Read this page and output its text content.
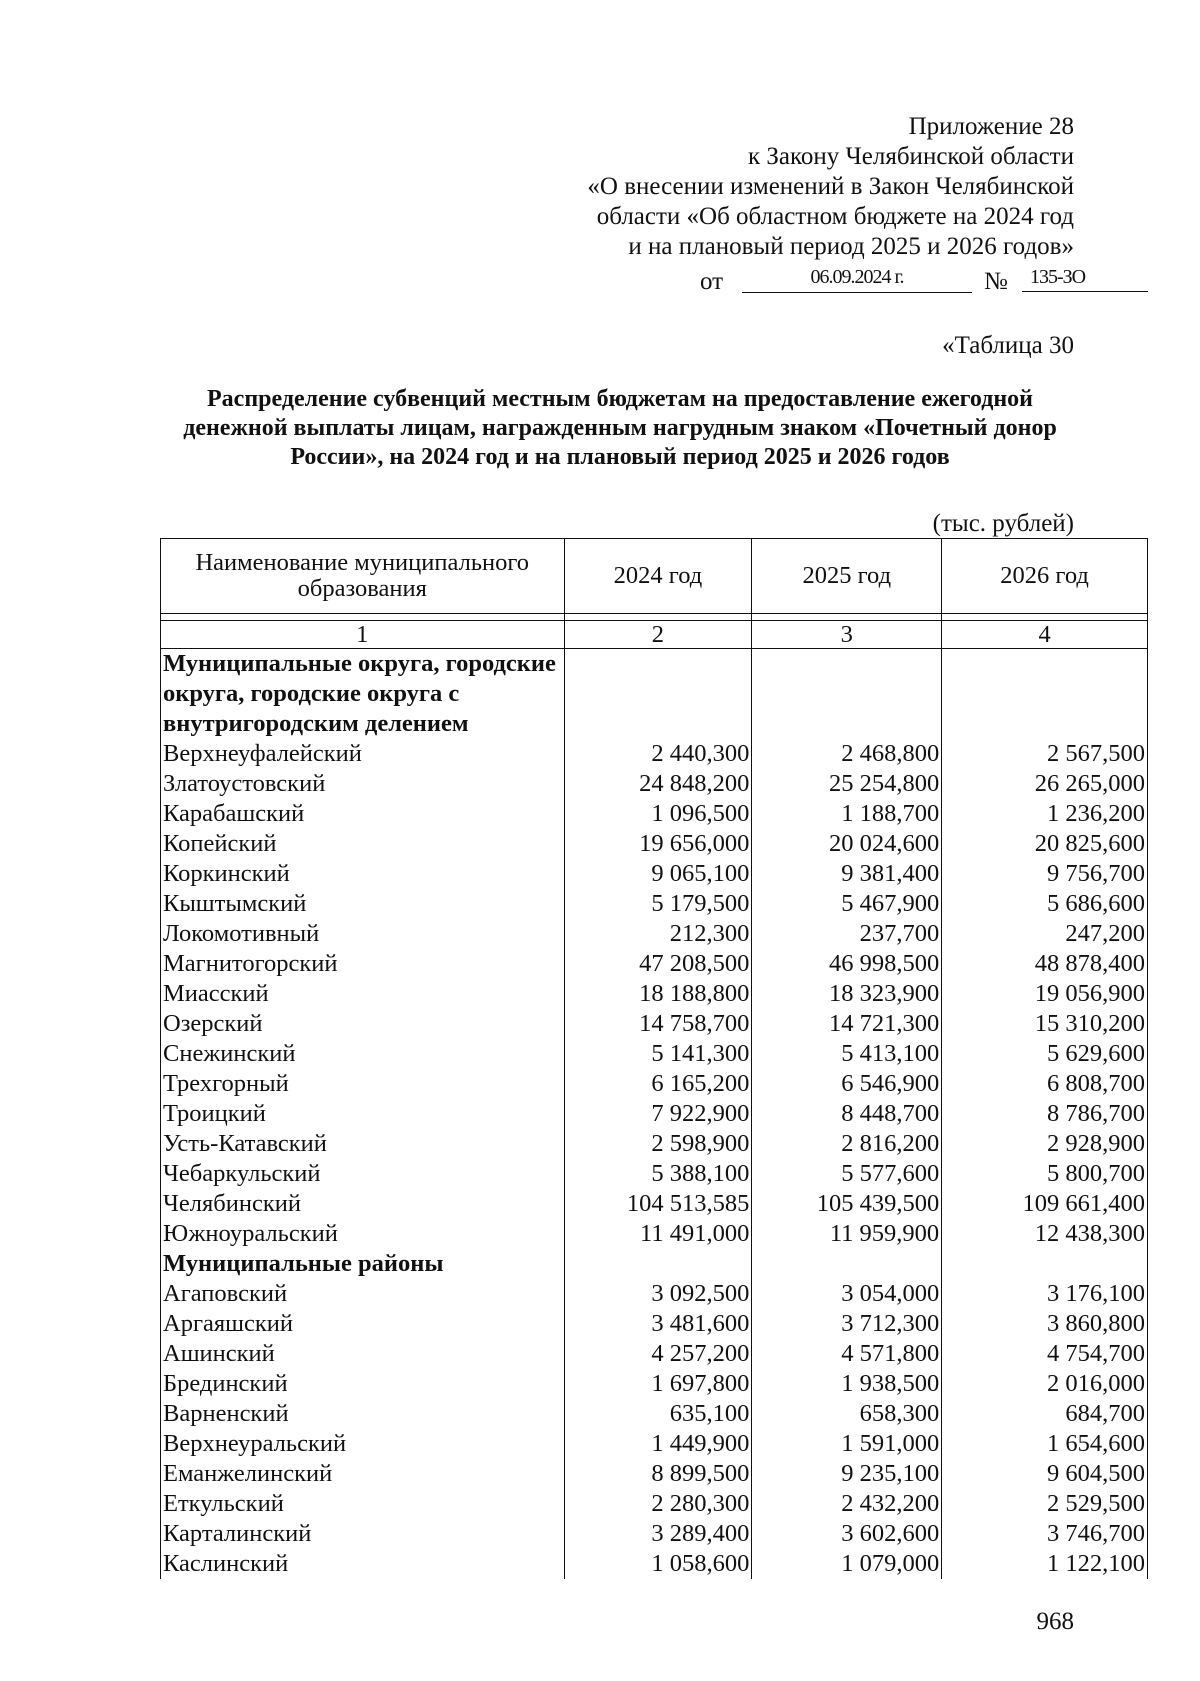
Приложение 28
к Закону Челябинской области
«О внесении изменений в Закон Челябинской
области «Об областном бюджете на 2024 год
и на плановый период 2025 и 2026 годов»
от	06.09.2024 г.	№	135-ЗО
«Таблица 30
Распределение субвенций местным бюджетам на предоставление ежегодной
денежной выплаты лицам, награжденным нагрудным знаком «Почетный донор
России», на 2024 год и на плановый период 2025 и 2026 годов
(тыс. рублей)
Наименование муниципального образования	2024 год	2025 год	2026 год

1	2	3	4
Муниципальные округа, городские округа, городские округа с внутригородским делением			
Верхнеуфалейский	2 440,300	2 468,800	2 567,500
Златоустовский	24 848,200	25 254,800	26 265,000
Карабашский	1 096,500	1 188,700	1 236,200
Копейский	19 656,000	20 024,600	20 825,600
Коркинский	9 065,100	9 381,400	9 756,700
Кыштымский	5 179,500	5 467,900	5 686,600
Локомотивный	212,300	237,700	247,200
Магнитогорский	47 208,500	46 998,500	48 878,400
Миасский	18 188,800	18 323,900	19 056,900
Озерский	14 758,700	14 721,300	15 310,200
Снежинский	5 141,300	5 413,100	5 629,600
Трехгорный	6 165,200	6 546,900	6 808,700
Троицкий	7 922,900	8 448,700	8 786,700
Усть-Катавский	2 598,900	2 816,200	2 928,900
Чебаркульский	5 388,100	5 577,600	5 800,700
Челябинский	104 513,585	105 439,500	109 661,400
Южноуральский	11 491,000	11 959,900	12 438,300
Муниципальные районы			
Агаповский	3 092,500	3 054,000	3 176,100
Аргаяшский	3 481,600	3 712,300	3 860,800
Ашинский	4 257,200	4 571,800	4 754,700
Брединский	1 697,800	1 938,500	2 016,000
Варненский	635,100	658,300	684,700
Верхнеуральский	1 449,900	1 591,000	1 654,600
Еманжелинский	8 899,500	9 235,100	9 604,500
Еткульский	2 280,300	2 432,200	2 529,500
Карталинский	3 289,400	3 602,600	3 746,700
Каслинский	1 058,600	1 079,000	1 122,100
968
